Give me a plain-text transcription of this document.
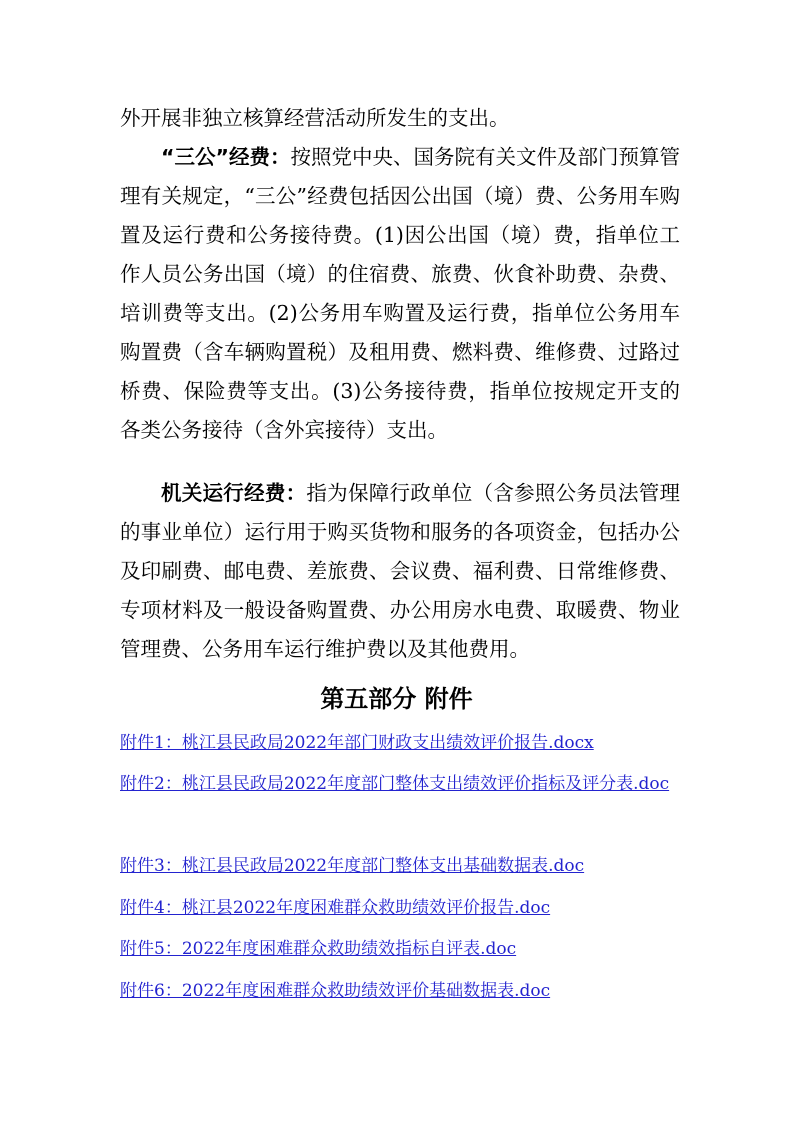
外开展非独立核算经营活动所发生的支出。

“三公”经费：按照党中央、国务院有关文件及部门预算管理有关规定，“三公”经费包括因公出国（境）费、公务用车购置及运行费和公务接待费。(1)因公出国（境）费，指单位工作人员公务出国（境）的住宿费、旅费、伙食补助费、杂费、培训费等支出。(2)公务用车购置及运行费，指单位公务用车购置费（含车辆购置税）及租用费、燃料费、维修费、过路过桥费、保险费等支出。(3)公务接待费，指单位按规定开支的各类公务接待（含外宾接待）支出。

机关运行经费：指为保障行政单位（含参照公务员法管理的事业单位）运行用于购买货物和服务的各项资金，包括办公及印刷费、邮电费、差旅费、会议费、福利费、日常维修费、专项材料及一般设备购置费、办公用房水电费、取暖费、物业管理费、公务用车运行维护费以及其他费用。

第五部分 附件

附件1：桃江县民政局2022年部门财政支出绩效评价报告.docx

附件2：桃江县民政局2022年度部门整体支出绩效评价指标及评分表.doc

附件3：桃江县民政局2022年度部门整体支出基础数据表.doc

附件4：桃江县2022年度困难群众救助绩效评价报告.doc

附件5：2022年度困难群众救助绩效指标自评表.doc

附件6：2022年度困难群众救助绩效评价基础数据表.doc
